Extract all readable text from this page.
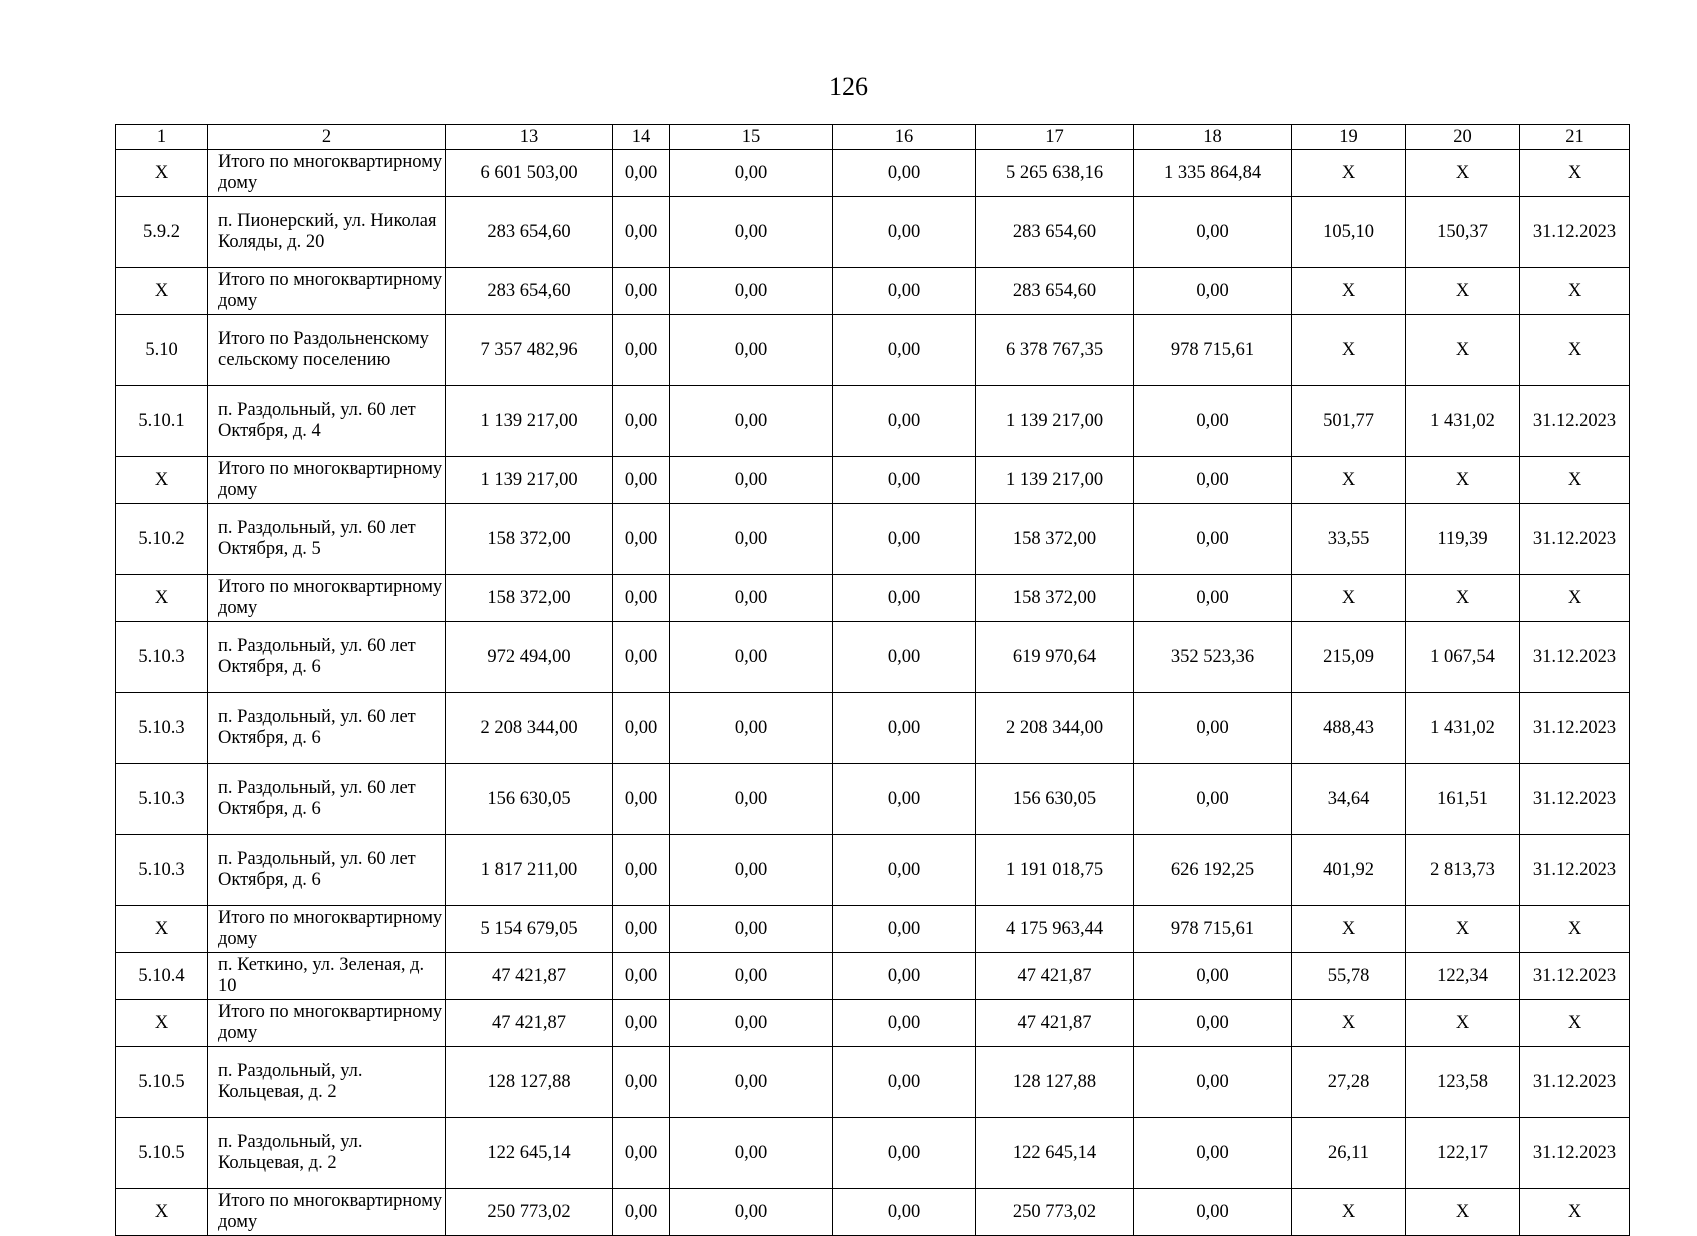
126
1	2	13	14	15	16	17	18	19	20	21
X	Итого по многоквартирному дому	6 601 503,00	0,00	0,00	0,00	5 265 638,16	1 335 864,84	X	X	X
5.9.2	п. Пионерский, ул. Николая Коляды, д. 20	283 654,60	0,00	0,00	0,00	283 654,60	0,00	105,10	150,37	31.12.2023
X	Итого по многоквартирному дому	283 654,60	0,00	0,00	0,00	283 654,60	0,00	X	X	X
5.10	Итого по Раздольненскому сельскому поселению	7 357 482,96	0,00	0,00	0,00	6 378 767,35	978 715,61	X	X	X
5.10.1	п. Раздольный, ул. 60 лет Октября, д. 4	1 139 217,00	0,00	0,00	0,00	1 139 217,00	0,00	501,77	1 431,02	31.12.2023
X	Итого по многоквартирному дому	1 139 217,00	0,00	0,00	0,00	1 139 217,00	0,00	X	X	X
5.10.2	п. Раздольный, ул. 60 лет Октября, д. 5	158 372,00	0,00	0,00	0,00	158 372,00	0,00	33,55	119,39	31.12.2023
X	Итого по многоквартирному дому	158 372,00	0,00	0,00	0,00	158 372,00	0,00	X	X	X
5.10.3	п. Раздольный, ул. 60 лет Октября, д. 6	972 494,00	0,00	0,00	0,00	619 970,64	352 523,36	215,09	1 067,54	31.12.2023
5.10.3	п. Раздольный, ул. 60 лет Октября, д. 6	2 208 344,00	0,00	0,00	0,00	2 208 344,00	0,00	488,43	1 431,02	31.12.2023
5.10.3	п. Раздольный, ул. 60 лет Октября, д. 6	156 630,05	0,00	0,00	0,00	156 630,05	0,00	34,64	161,51	31.12.2023
5.10.3	п. Раздольный, ул. 60 лет Октября, д. 6	1 817 211,00	0,00	0,00	0,00	1 191 018,75	626 192,25	401,92	2 813,73	31.12.2023
X	Итого по многоквартирному дому	5 154 679,05	0,00	0,00	0,00	4 175 963,44	978 715,61	X	X	X
5.10.4	п. Кеткино, ул. Зеленая, д. 10	47 421,87	0,00	0,00	0,00	47 421,87	0,00	55,78	122,34	31.12.2023
X	Итого по многоквартирному дому	47 421,87	0,00	0,00	0,00	47 421,87	0,00	X	X	X
5.10.5	п. Раздольный, ул. Кольцевая, д. 2	128 127,88	0,00	0,00	0,00	128 127,88	0,00	27,28	123,58	31.12.2023
5.10.5	п. Раздольный, ул. Кольцевая, д. 2	122 645,14	0,00	0,00	0,00	122 645,14	0,00	26,11	122,17	31.12.2023
X	Итого по многоквартирному дому	250 773,02	0,00	0,00	0,00	250 773,02	0,00	X	X	X
